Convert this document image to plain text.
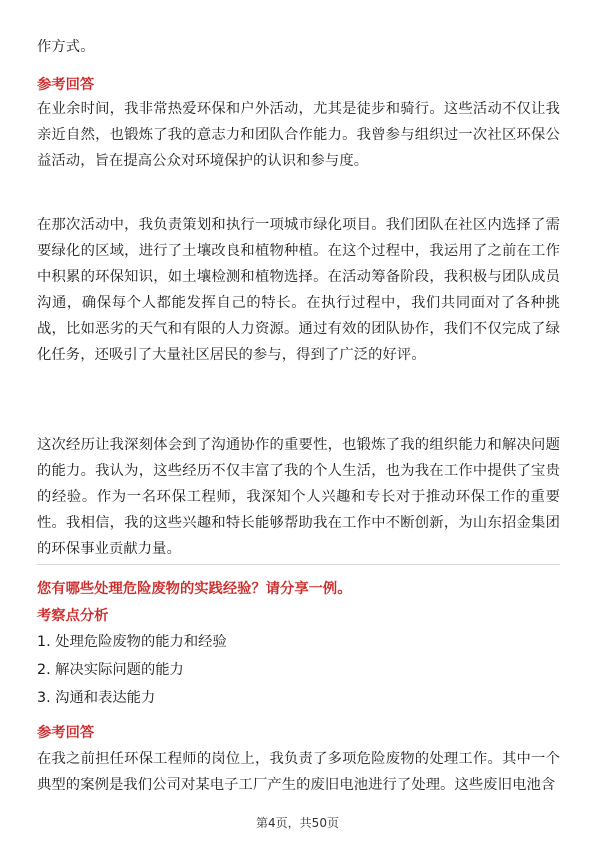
作方式。

参考回答

在业余时间，我非常热爱环保和户外活动，尤其是徒步和骑行。这些活动不仅让我亲近自然，也锻炼了我的意志力和团队合作能力。我曾参与组织过一次社区环保公益活动，旨在提高公众对环境保护的认识和参与度。

在那次活动中，我负责策划和执行一项城市绿化项目。我们团队在社区内选择了需要绿化的区域，进行了土壤改良和植物种植。在这个过程中，我运用了之前在工作中积累的环保知识，如土壤检测和植物选择。在活动筹备阶段，我积极与团队成员沟通，确保每个人都能发挥自己的特长。在执行过程中，我们共同面对了各种挑战，比如恶劣的天气和有限的人力资源。通过有效的团队协作，我们不仅完成了绿化任务，还吸引了大量社区居民的参与，得到了广泛的好评。

这次经历让我深刻体会到了沟通协作的重要性，也锻炼了我的组织能力和解决问题的能力。我认为，这些经历不仅丰富了我的个人生活，也为我在工作中提供了宝贵的经验。作为一名环保工程师，我深知个人兴趣和专长对于推动环保工作的重要性。我相信，我的这些兴趣和特长能够帮助我在工作中不断创新，为山东招金集团的环保事业贡献力量。

您有哪些处理危险废物的实践经验？请分享一例。

考察点分析

1. 处理危险废物的能力和经验

2. 解决实际问题的能力

3. 沟通和表达能力

参考回答

在我之前担任环保工程师的岗位上，我负责了多项危险废物的处理工作。其中一个典型的案例是我们公司对某电子工厂产生的废旧电池进行了处理。这些废旧电池含

第4页，共50页
